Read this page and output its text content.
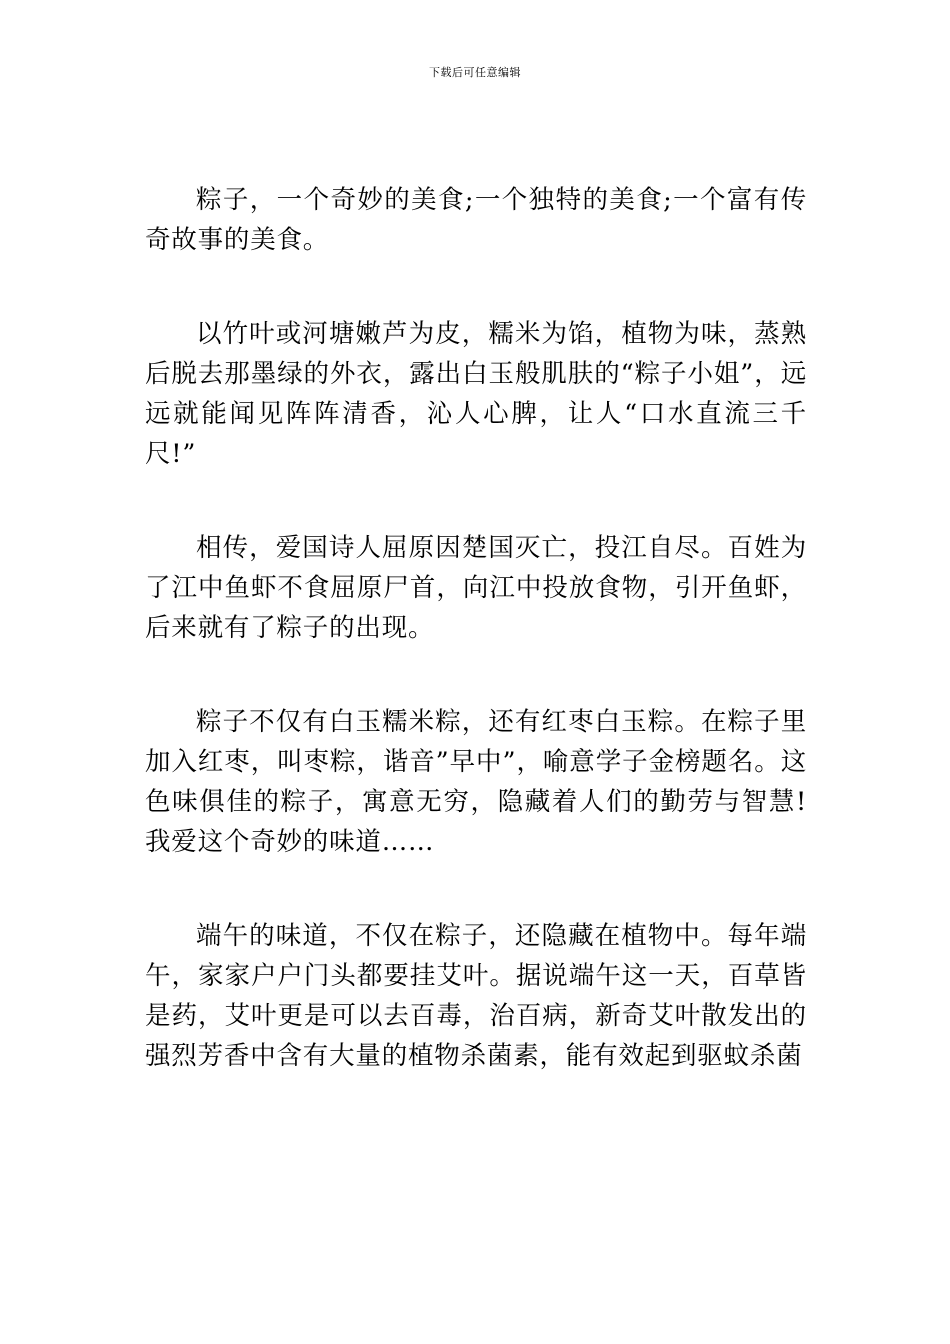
下载后可任意编辑

粽子，一个奇妙的美食;一个独特的美食;一个富有传奇故事的美食。

以竹叶或河塘嫩芦为皮，糯米为馅，植物为味，蒸熟后脱去那墨绿的外衣，露出白玉般肌肤的“粽子小姐”，远远就能闻见阵阵清香，沁人心脾，让人“口水直流三千尺!”

相传，爱国诗人屈原因楚国灭亡，投江自尽。百姓为了江中鱼虾不食屈原尸首，向江中投放食物，引开鱼虾，后来就有了粽子的出现。

粽子不仅有白玉糯米粽，还有红枣白玉粽。在粽子里加入红枣，叫枣粽，谐音”早中”，喻意学子金榜题名。这色味俱佳的粽子，寓意无穷，隐藏着人们的勤劳与智慧!我爱这个奇妙的味道……

端午的味道，不仅在粽子，还隐藏在植物中。每年端午，家家户户门头都要挂艾叶。据说端午这一天，百草皆是药，艾叶更是可以去百毒，治百病，新奇艾叶散发出的强烈芳香中含有大量的植物杀菌素，能有效起到驱蚊杀菌
